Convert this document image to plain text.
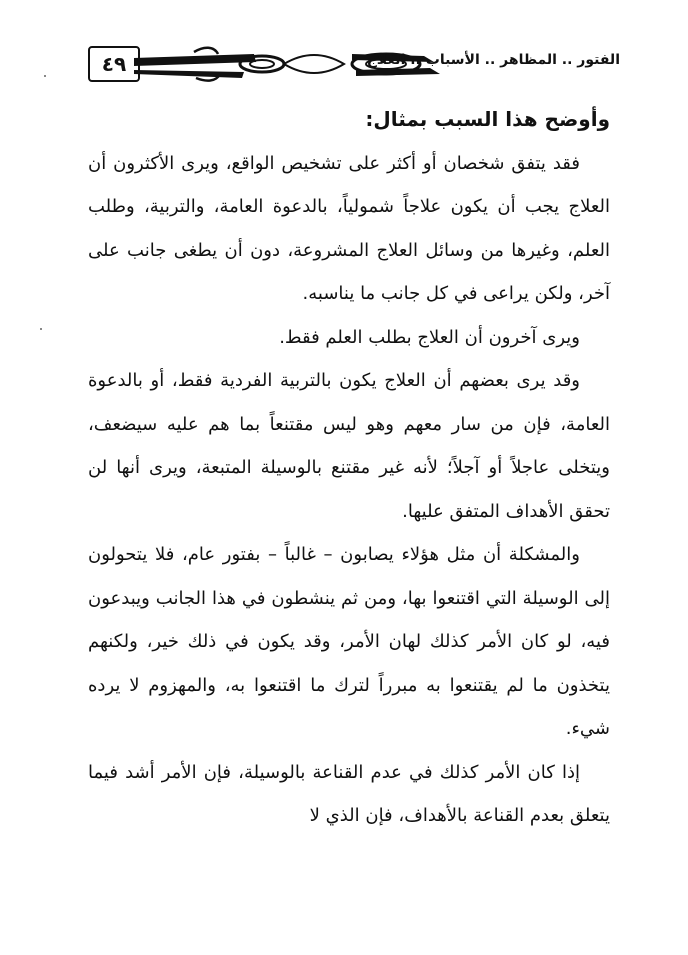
٤٩	الفتور .. المظاهر .. الأسباب .. العلاج

وأوضح هذا السبب بمثال:

فقد يتفق شخصان أو أكثر على تشخيص الواقع، ويرى الأكثرون أن العلاج يجب أن يكون علاجاً شمولياً، بالدعوة العامة، والتربية، وطلب العلم، وغيرها من وسائل العلاج المشروعة، دون أن يطغى جانب على آخر، ولكن يراعى في كل جانب ما يناسبه.

ويرى آخرون أن العلاج بطلب العلم فقط.

وقد يرى بعضهم أن العلاج يكون بالتربية الفردية فقط، أو بالدعوة العامة، فإن من سار معهم وهو ليس مقتنعاً بما هم عليه سيضعف، ويتخلى عاجلاً أو آجلاً؛ لأنه غير مقتنع بالوسيلة المتبعة، ويرى أنها لن تحقق الأهداف المتفق عليها.

والمشكلة أن مثل هؤلاء يصابون – غالباً – بفتور عام، فلا يتحولون إلى الوسيلة التي اقتنعوا بها، ومن ثم ينشطون في هذا الجانب ويبدعون فيه، لو كان الأمر كذلك لهان الأمر، وقد يكون في ذلك خير، ولكنهم يتخذون ما لم يقتنعوا به مبرراً لترك ما اقتنعوا به، والمهزوم لا يرده شيء.

إذا كان الأمر كذلك في عدم القناعة بالوسيلة، فإن الأمر أشد فيما يتعلق بعدم القناعة بالأهداف، فإن الذي لا
